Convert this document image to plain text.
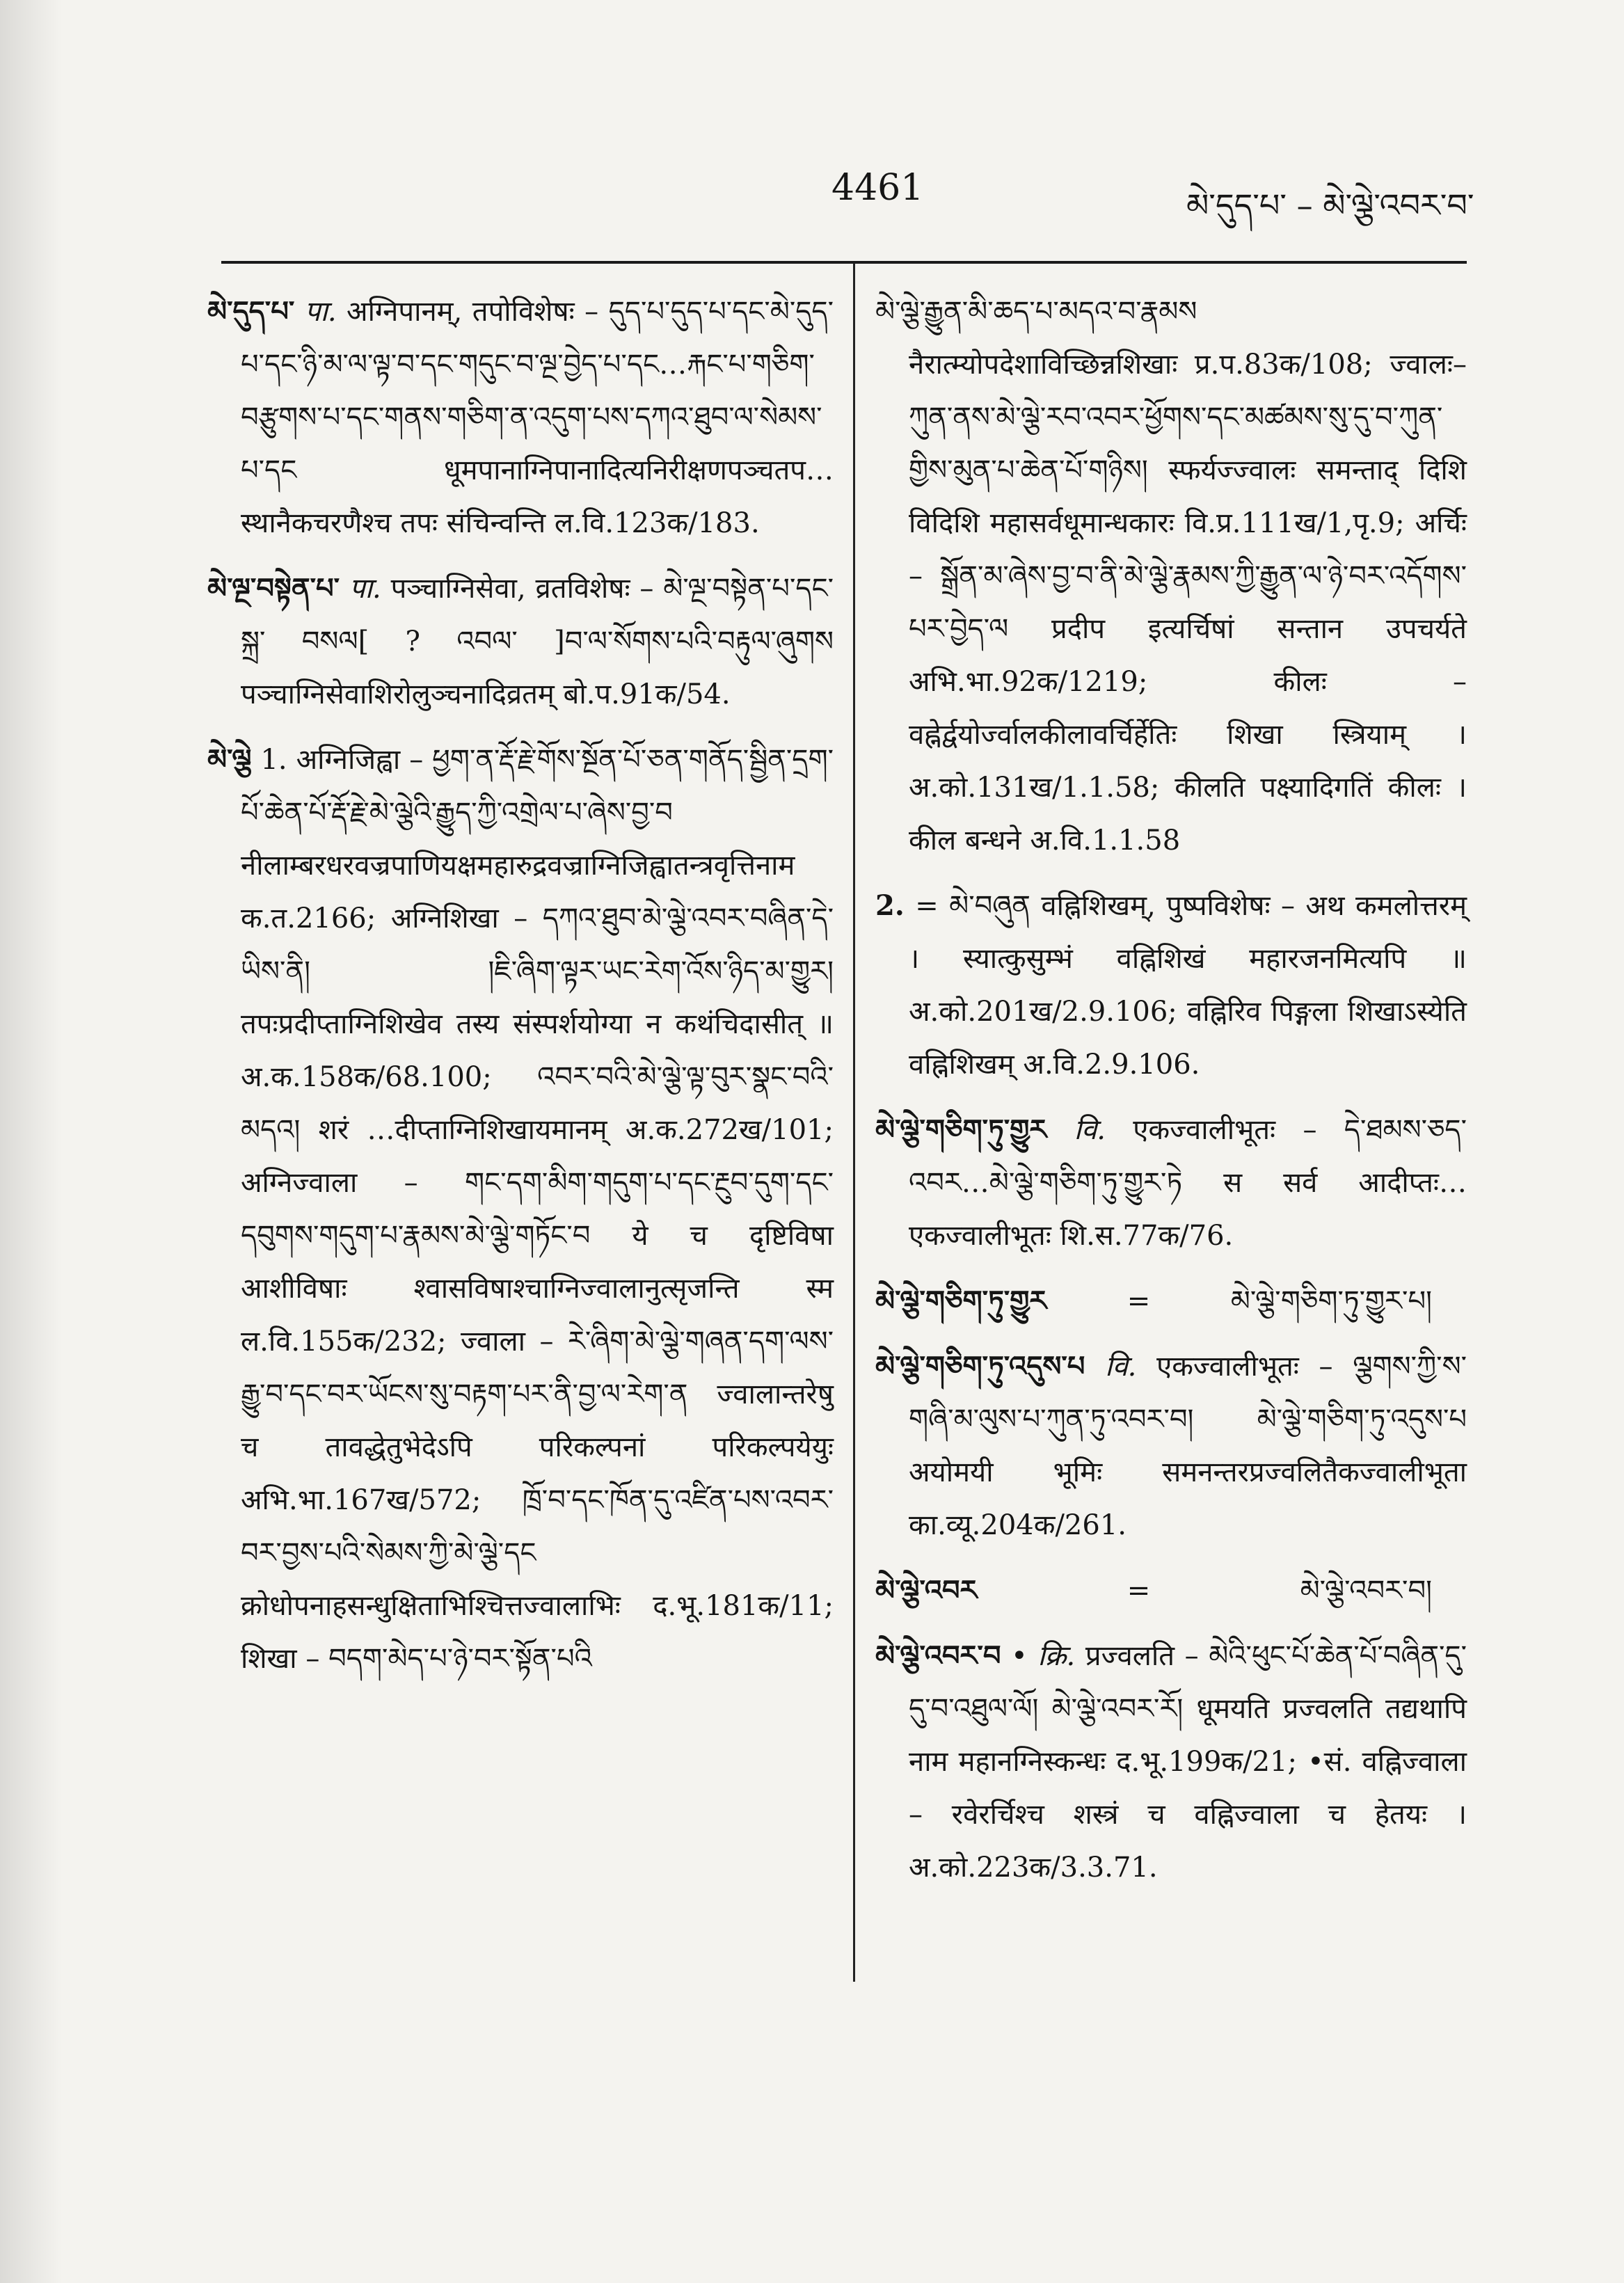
4461	མེ་དུད་པ་ – མེ་ལྕེ་འབར་བ་

མེ་དུད་པ་ पा. अग्निपानम्, तपोविशेषः – དུད་པ་དུད་པ་དང་མེ་དུད་པ་དང་ཉི་མ་ལ་ལྟ་བ་དང་གདུང་བ་ལྔ་བྱེད་པ་དང…རྐང་པ་གཅིག་བརྩུགས་པ་དང་གནས་གཅིག་ན་འདུག་པས་དཀའ་ཐུབ་ལ་སེམས་པ་དང धूमपानाग्निपानादित्यनिरीक्षणपञ्चतप…स्थानैकचरणैश्च तपः संचिन्वन्ति ल.वि.123क/183.

མེ་ལྔ་བསྟེན་པ་ पा. पञ्चाग्निसेवा, व्रतविशेषः – མེ་ལྔ་བསྟེན་པ་དང་སྐྲ་ བསལ[ ? འབལ་ ]བ་ལ་སོགས་པའི་བརྟུལ་ཞུགས पञ्चाग्निसेवाशिरोलुञ्चनादिव्रतम् बो.प.91क/54.

མེ་ལྕེ 1. अग्निजिह्वा – ཕྱག་ན་རྡོ་རྗེ་གོས་སྔོན་པོ་ཅན་གནོད་སྦྱིན་དྲག་པོ་ཆེན་པོ་རྡོ་རྗེ་མེ་ལྕེའི་རྒྱུད་ཀྱི་འགྲེལ་པ་ཞེས་བྱ་བ नीलाम्बरधरवज्रपाणियक्षमहारुद्रवज्राग्निजिह्वातन्त्रवृत्तिनाम क.त.2166; अग्निशिखा – དཀའ་ཐུབ་མེ་ལྕེ་འབར་བཞིན་དེ་ཡིས་ནི། །ཇི་ཞིག་ལྟར་ཡང་རེག་འོས་ཉིད་མ་གྱུར། तपःप्रदीप्ताग्निशिखेव तस्य संस्पर्शयोग्या न कथंचिदासीत् ॥ अ.क.158क/68.100; འབར་བའི་མེ་ལྕེ་ལྟ་བུར་སྣང་བའི་མདའ། शरं …दीप्ताग्निशिखायमानम् अ.क.272ख/101; अग्निज्वाला – གང་དག་མིག་གདུག་པ་དང་རྔུབ་དུག་དང་དབུགས་གདུག་པ་རྣམས་མེ་ལྕེ་གཏོང་བ ये च दृष्टिविषा आशीविषाः श्वासविषाश्चाग्निज्वालानुत्सृजन्ति स्म ल.वि.155क/232; ज्वाला – རེ་ཞིག་མེ་ལྕེ་གཞན་དག་ལས་རྒྱུ་བ་དང་བར་ཡོངས་སུ་བརྟག་པར་ནི་བྱ་ལ་རེག་ན ज्वालान्तरेषु च तावद्धेतुभेदेऽपि परिकल्पनां परिकल्पयेयुः अभि.भा.167ख/572; ཁྲོ་བ་དང་ཁོན་དུ་འཛིན་པས་འབར་བར་བྱས་པའི་སེམས་ཀྱི་མེ་ལྕེ་དང क्रोधोपनाहसन्धुक्षिताभिश्चित्तज्वालाभिः द.भू.181क/11; शिखा – བདག་མེད་པ་ཉེ་བར་སྟོན་པའི

མེ་ལྕེ་རྒྱུན་མི་ཆད་པ་མདའ་བ་རྣམས नैरात्म्योपदेशाविच्छिन्नशिखाः प्र.प.83क/108; ज्वालः– ཀུན་ནས་མེ་ལྕེ་རབ་འབར་ཕྱོགས་དང་མཚམས་སུ་དུ་བ་ཀུན་གྱིས་མུན་པ་ཆེན་པོ་གཉིས། स्फर्यज्ज्वालः समन्ताद् दिशि विदिशि महासर्वधूमान्धकारः वि.प्र.111ख/1,पृ.9; अर्चिः – སྒྲོན་མ་ཞེས་བྱ་བ་ནི་མེ་ལྕེ་རྣམས་ཀྱི་རྒྱུན་ལ་ཉེ་བར་འདོགས་པར་བྱེད་ལ प्रदीप इत्यर्चिषां सन्तान उपचर्यते अभि.भा.92क/1219; कीलः – वह्नेर्द्वयोर्ज्वालकीलावर्चिर्हेतिः शिखा स्त्रियाम् । अ.को.131ख/1.1.58; कीलति पक्ष्यादिगतिं कीलः । कील बन्धने अ.वि.1.1.58

2. = མེ་བཞུན वह्निशिखम्, पुष्पविशेषः – अथ कमलोत्तरम् । स्यात्कुसुम्भं वह्निशिखं महारजनमित्यपि ॥ अ.को.201ख/2.9.106; वह्निरिव पिङ्गला शिखाऽस्येति वह्निशिखम् अ.वि.2.9.106.

མེ་ལྕེ་གཅིག་ཏུ་གྱུར वि. एकज्वालीभूतः – དེ་ཐམས་ཅད་འབར…མེ་ལྕེ་གཅིག་ཏུ་གྱུར་ཏེ स सर्व आदीप्तः…एकज्वालीभूतः शि.स.77क/76.

མེ་ལྕེ་གཅིག་ཏུ་གྱུར	=	མེ་ལྕེ་གཅིག་ཏུ་གྱུར་པ།

མེ་ལྕེ་གཅིག་ཏུ་འདུས་པ वि. एकज्वालीभूतः – ལྕགས་ཀྱི་ས་གཞི་མ་ལུས་པ་ཀུན་ཏུ་འབར་བ། མེ་ལྕེ་གཅིག་ཏུ་འདུས་པ अयोमयी भूमिः समनन्तरप्रज्वलितैकज्वालीभूता का.व्यू.204क/261.

མེ་ལྕེ་འབར	=	མེ་ལྕེ་འབར་བ།

མེ་ལྕེ་འབར་བ • क्रि. प्रज्वलति – མེའི་ཕུང་པོ་ཆེན་པོ་བཞིན་དུ་དུ་བ་འཐུལ་ལོ། མེ་ལྕེ་འབར་རོ། धूमयति प्रज्वलति तद्यथापि नाम महानग्निस्कन्धः द.भू.199क/21; •सं. वह्निज्वाला – रवेरर्चिश्च शस्त्रं च वह्निज्वाला च हेतयः । अ.को.223क/3.3.71.
